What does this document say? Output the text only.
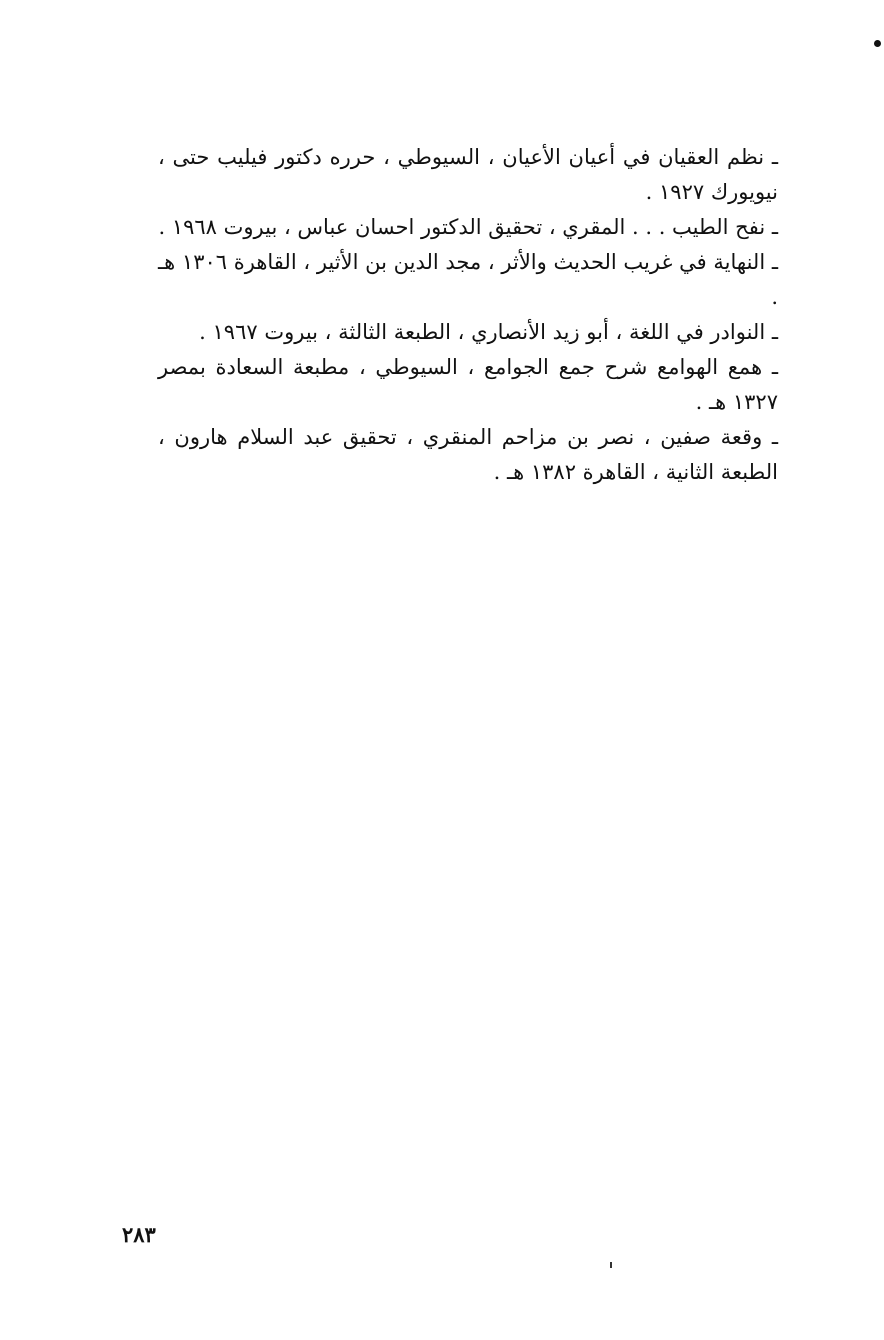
ـ نظم العقيان في أعيان الأعيان ، السيوطي ، حرره دكتور فيليب حتى ، نيويورك ١٩٢٧ .

ـ نفح الطيب . . . المقري ، تحقيق الدكتور احسان عباس ، بيروت ١٩٦٨ .

ـ النهاية في غريب الحديث والأثر ، مجد الدين بن الأثير ، القاهرة ١٣٠٦ هـ .

ـ النوادر في اللغة ، أبو زيد الأنصاري ، الطبعة الثالثة ، بيروت ١٩٦٧ .

ـ همع الهوامع شرح جمع الجوامع ، السيوطي ، مطبعة السعادة بمصر ١٣٢٧ هـ .

ـ وقعة صفين ، نصر بن مزاحم المنقري ، تحقيق عبد السلام هارون ، الطبعة الثانية ، القاهرة ١٣٨٢ هـ .

٢٨٣
